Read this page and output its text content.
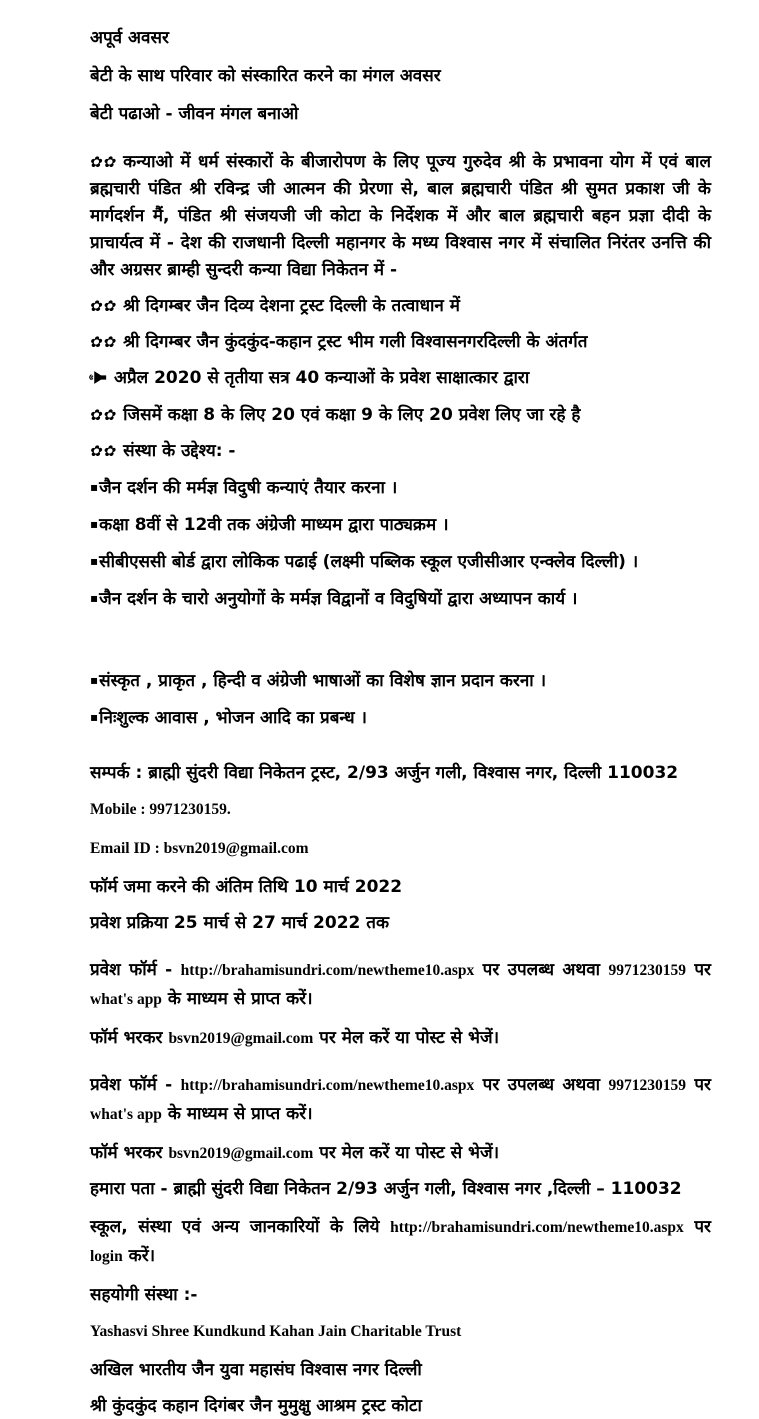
अपूर्व अवसर

बेटी के साथ परिवार को संस्कारित करने का मंगल अवसर

बेटी पढाओ - जीवन मंगल बनाओ

✿✿ कन्याओ में धर्म संस्कारों के बीजारोपण के लिए पूज्य गुरुदेव श्री के प्रभावना योग में एवं बाल ब्रह्मचारी पंडित श्री रविन्द्र जी आत्मन की प्रेरणा से, बाल ब्रह्मचारी पंडित श्री सुमत प्रकाश जी के मार्गदर्शन मैं, पंडित श्री संजयजी जी कोटा के निर्देशक में और बाल ब्रह्मचारी बहन प्रज्ञा दीदी के प्राचार्यत्व में - देश की राजधानी दिल्ली महानगर के मध्य विश्वास नगर में संचालित निरंतर उनत्ति की और अग्रसर ब्राम्ही सुन्दरी कन्या विद्या निकेतन में -

✿✿ श्री दिगम्बर जैन दिव्य देशना ट्रस्ट दिल्ली के तत्वाधान में

✿✿ श्री दिगम्बर जैन कुंदकुंद-कहान ट्रस्ट भीम गली विश्वासनगरदिल्ली के अंतर्गत

अप्रैल 2020 से तृतीया सत्र 40 कन्याओं के प्रवेश साक्षात्कार द्वारा

✿✿ जिसमें कक्षा 8 के लिए 20 एवं कक्षा 9 के लिए 20 प्रवेश लिए जा रहे है

✿✿ संस्था के उद्देश्य: -

▪जैन दर्शन की मर्मज्ञ विदुषी कन्याएं तैयार करना ।

▪कक्षा 8वीं से 12वी तक अंग्रेजी माध्यम द्वारा पाठ्यक्रम ।

▪सीबीएससी बोर्ड द्वारा लोकिक पढाई (लक्ष्मी पब्लिक स्कूल एजीसीआर एन्क्लेव दिल्ली) ।

▪जैन दर्शन के चारो अनुयोगों के मर्मज्ञ विद्वानों व विदुषियों द्वारा अध्यापन कार्य ।

▪संस्कृत , प्राकृत , हिन्दी व अंग्रेजी भाषाओं का विशेष ज्ञान प्रदान करना ।

▪निःशुल्क आवास , भोजन आदि का प्रबन्ध ।

सम्पर्क : ब्राह्मी सुंदरी विद्या निकेतन ट्रस्ट, 2/93 अर्जुन गली, विश्वास नगर, दिल्ली 110032

Mobile : 9971230159.

Email ID : bsvn2019@gmail.com

फॉर्म जमा करने की अंतिम तिथि 10 मार्च 2022

प्रवेश प्रक्रिया 25 मार्च से 27 मार्च 2022 तक

प्रवेश फॉर्म - http://brahamisundri.com/newtheme10.aspx पर उपलब्ध अथवा 9971230159 पर what's app के माध्यम से प्राप्त करें।

फॉर्म भरकर bsvn2019@gmail.com पर मेल करें या पोस्ट से भेजें।

प्रवेश फॉर्म - http://brahamisundri.com/newtheme10.aspx पर उपलब्ध अथवा 9971230159 पर what's app के माध्यम से प्राप्त करें।

फॉर्म भरकर bsvn2019@gmail.com पर मेल करें या पोस्ट से भेजें।

हमारा पता - ब्राह्मी सुंदरी विद्या निकेतन 2/93 अर्जुन गली, विश्वास नगर ,दिल्ली – 110032

स्कूल, संस्था एवं अन्य जानकारियों के लिये http://brahamisundri.com/newtheme10.aspx पर login करें।

सहयोगी संस्था :-

Yashasvi Shree Kundkund Kahan Jain Charitable Trust

अखिल भारतीय जैन युवा महासंघ विश्वास नगर दिल्ली

श्री कुंदकुंद कहान दिगंबर जैन मुमुक्षु आश्रम ट्रस्ट कोटा
